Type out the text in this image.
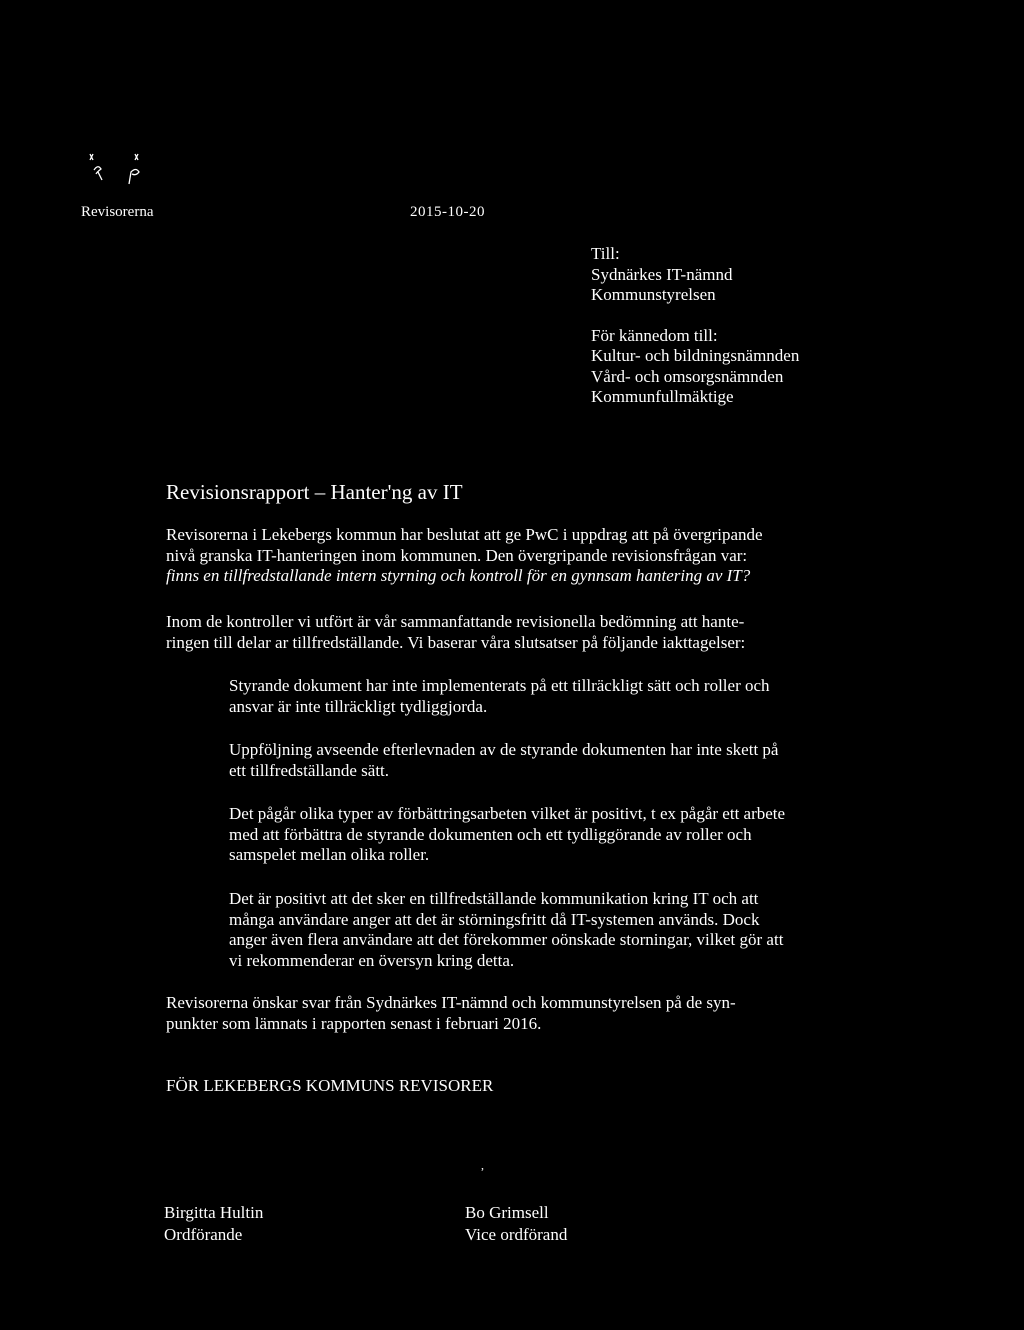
Revisorerna	2015-10-20
Till:
Sydnärkes IT-nämnd
Kommunstyrelsen
För kännedom till:
Kultur- och bildningsnämnden
Vård- och omsorgsnämnden
Kommunfullmäktige
Revisionsrapport – Hanter'ng av IT
Revisorerna i Lekebergs kommun har beslutat att ge PwC i uppdrag att på övergripande
nivå granska IT-hanteringen inom kommunen. Den övergripande revisionsfrågan var:
finns en tillfredstallande intern styrning och kontroll för en gynnsam hantering av IT?
Inom de kontroller vi utfört är vår sammanfattande revisionella bedömning att hante-
ringen till delar ar tillfredställande. Vi baserar våra slutsatser på följande iakttagelser:
Styrande dokument har inte implementerats på ett tillräckligt sätt och roller och
ansvar är inte tillräckligt tydliggjorda.
Uppföljning avseende efterlevnaden av de styrande dokumenten har inte skett på
ett tillfredställande sätt.
Det pågår olika typer av förbättringsarbeten vilket är positivt, t ex pågår ett arbete
med att förbättra de styrande dokumenten och ett tydliggörande av roller och
samspelet mellan olika roller.
Det är positivt att det sker en tillfredställande kommunikation kring IT och att
många användare anger att det är störningsfritt då IT-systemen används. Dock
anger även flera användare att det förekommer oönskade storningar, vilket gör att
vi rekommenderar en översyn kring detta.
Revisorerna önskar svar från Sydnärkes IT-nämnd och kommunstyrelsen på de syn-
punkter som lämnats i rapporten senast i februari 2016.
FÖR LEKEBERGS KOMMUNS REVISORER
,
Birgitta Hultin
Ordförande
Bo Grimsell
Vice ordförand
